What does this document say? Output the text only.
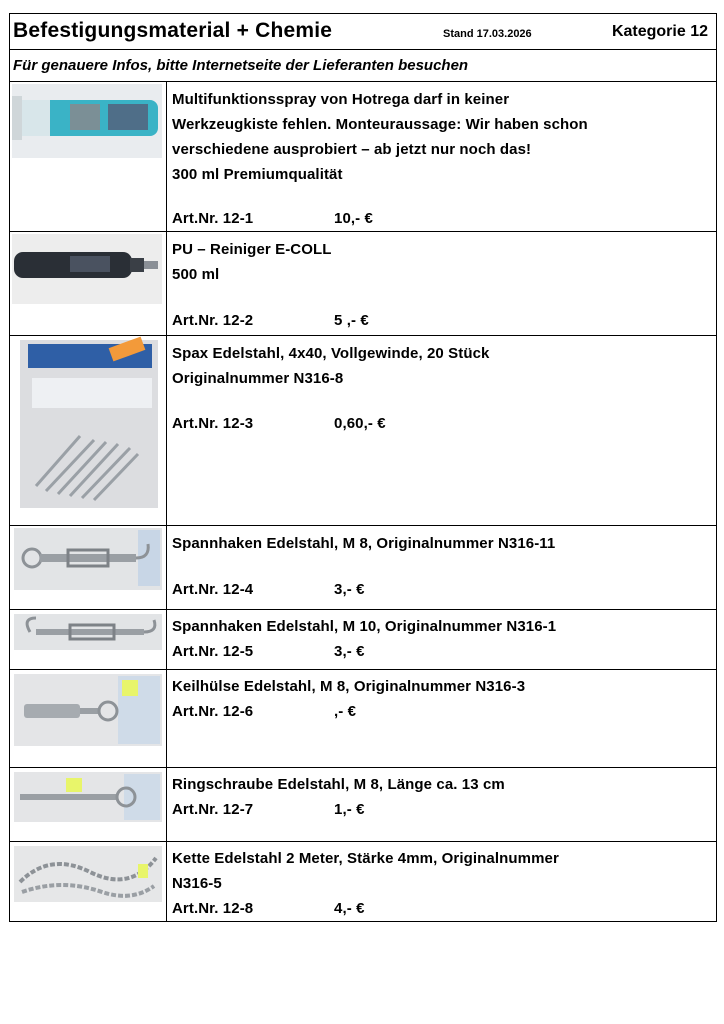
Befestigungsmaterial + Chemie	Stand 17.03.2026	Kategorie 12
Für genauere Infos, bitte Internetseite der Lieferanten besuchen
Multifunktionsspray von Hotrega darf in keiner
Werkzeugkiste fehlen. Monteuraussage: Wir haben schon
verschiedene ausprobiert – ab jetzt nur noch das!
300 ml Premiumqualität
Art.Nr. 12-1	10,- €
PU – Reiniger E-COLL
500 ml
Art.Nr. 12-2	5 ,- €
Spax Edelstahl, 4x40, Vollgewinde, 20 Stück
Originalnummer N316-8
Art.Nr. 12-3	0,60,- €
Spannhaken Edelstahl, M 8, Originalnummer N316-11
Art.Nr. 12-4	3,- €
Spannhaken Edelstahl, M 10, Originalnummer N316-1
Art.Nr. 12-5	3,- €
Keilhülse Edelstahl, M 8, Originalnummer N316-3
Art.Nr. 12-6	,- €
Ringschraube Edelstahl, M 8, Länge ca. 13 cm
Art.Nr. 12-7	1,- €
Kette Edelstahl 2 Meter, Stärke 4mm, Originalnummer
N316-5
Art.Nr. 12-8	4,- €
